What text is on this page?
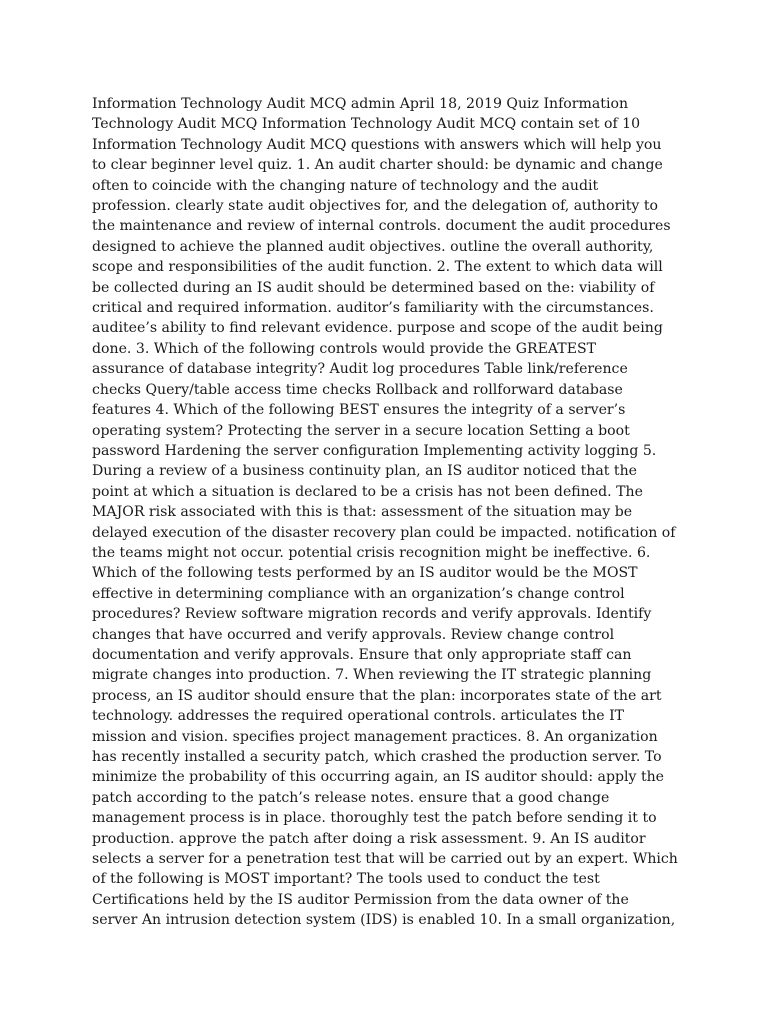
Information Technology Audit MCQ admin April 18, 2019 Quiz Information
Technology Audit MCQ Information Technology Audit MCQ contain set of 10
Information Technology Audit MCQ questions with answers which will help you
to clear beginner level quiz. 1. An audit charter should: be dynamic and change
often to coincide with the changing nature of technology and the audit
profession. clearly state audit objectives for, and the delegation of, authority to
the maintenance and review of internal controls. document the audit procedures
designed to achieve the planned audit objectives. outline the overall authority,
scope and responsibilities of the audit function. 2. The extent to which data will
be collected during an IS audit should be determined based on the: viability of
critical and required information. auditor’s familiarity with the circumstances.
auditee’s ability to find relevant evidence. purpose and scope of the audit being
done. 3. Which of the following controls would provide the GREATEST
assurance of database integrity? Audit log procedures Table link/reference
checks Query/table access time checks Rollback and rollforward database
features 4. Which of the following BEST ensures the integrity of a server’s
operating system? Protecting the server in a secure location Setting a boot
password Hardening the server configuration Implementing activity logging 5.
During a review of a business continuity plan, an IS auditor noticed that the
point at which a situation is declared to be a crisis has not been defined. The
MAJOR risk associated with this is that: assessment of the situation may be
delayed execution of the disaster recovery plan could be impacted. notification of
the teams might not occur. potential crisis recognition might be ineffective. 6.
Which of the following tests performed by an IS auditor would be the MOST
effective in determining compliance with an organization’s change control
procedures? Review software migration records and verify approvals. Identify
changes that have occurred and verify approvals. Review change control
documentation and verify approvals. Ensure that only appropriate staff can
migrate changes into production. 7. When reviewing the IT strategic planning
process, an IS auditor should ensure that the plan: incorporates state of the art
technology. addresses the required operational controls. articulates the IT
mission and vision. specifies project management practices. 8. An organization
has recently installed a security patch, which crashed the production server. To
minimize the probability of this occurring again, an IS auditor should: apply the
patch according to the patch’s release notes. ensure that a good change
management process is in place. thoroughly test the patch before sending it to
production. approve the patch after doing a risk assessment. 9. An IS auditor
selects a server for a penetration test that will be carried out by an expert. Which
of the following is MOST important? The tools used to conduct the test
Certifications held by the IS auditor Permission from the data owner of the
server An intrusion detection system (IDS) is enabled 10. In a small organization,
